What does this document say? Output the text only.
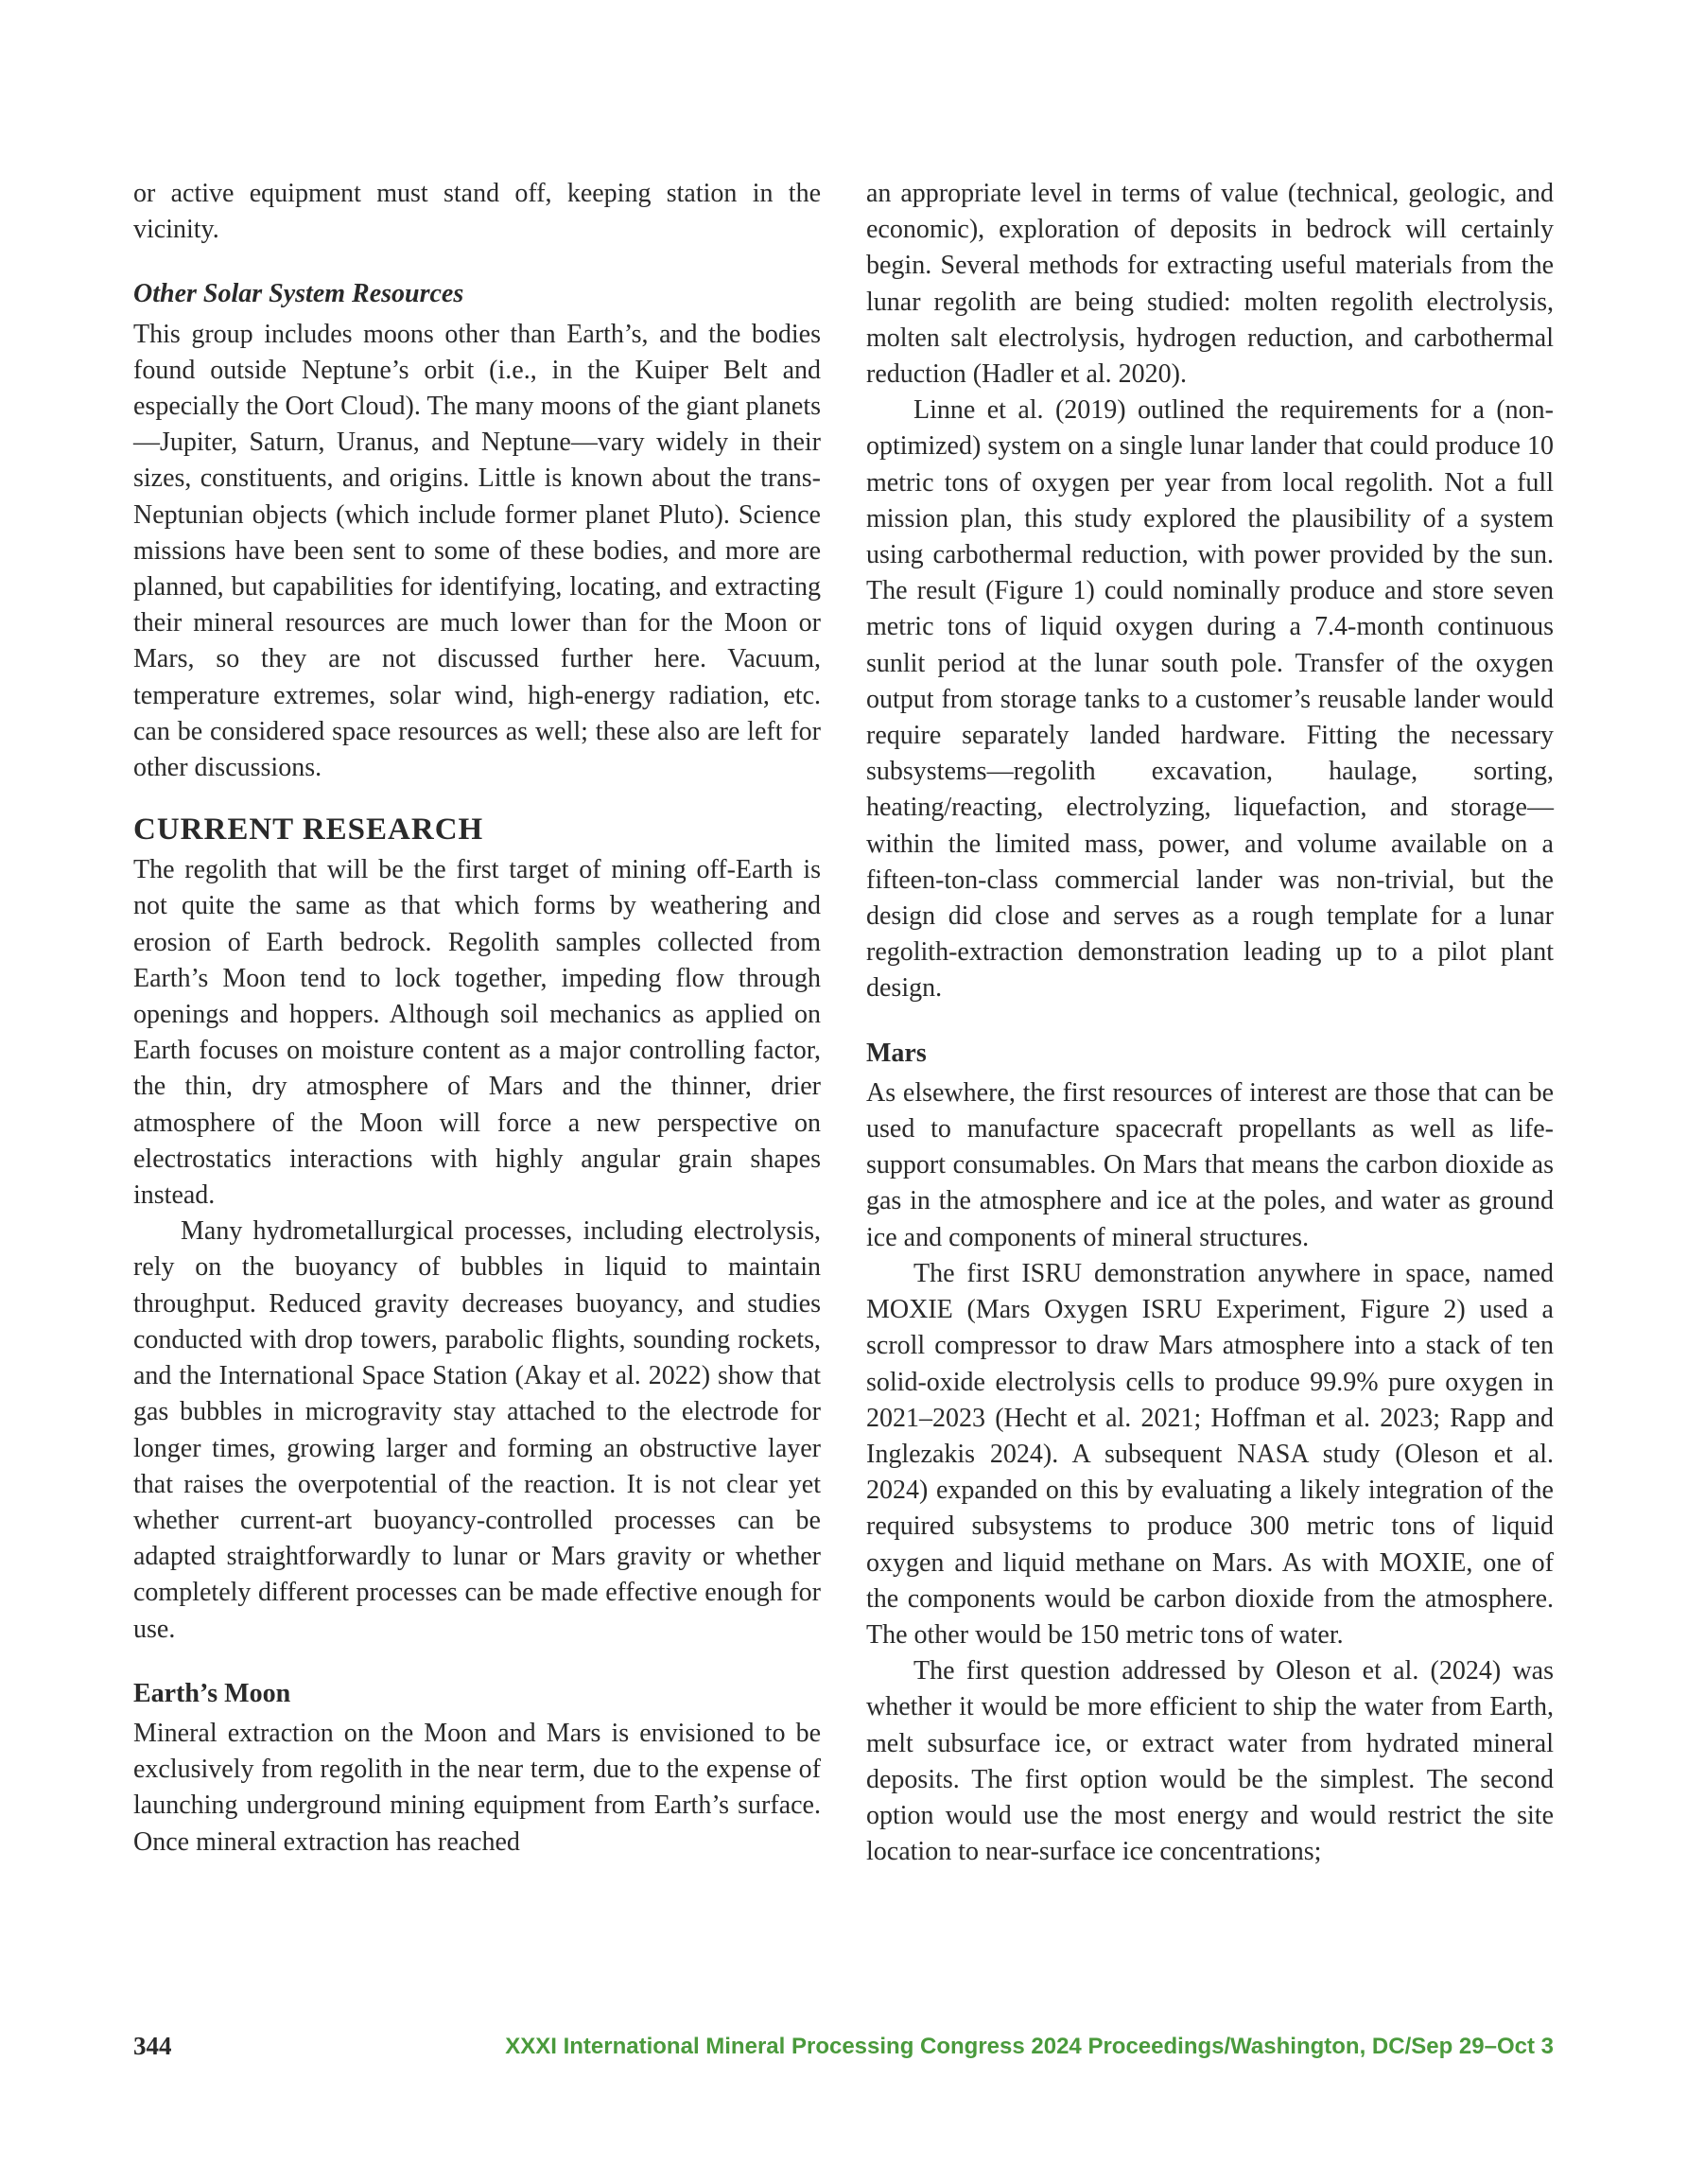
or active equipment must stand off, keeping station in the vicinity.

Other Solar System Resources

This group includes moons other than Earth’s, and the bodies found outside Neptune’s orbit (i.e., in the Kuiper Belt and especially the Oort Cloud). The many moons of the giant planets—Jupiter, Saturn, Uranus, and Neptune—vary widely in their sizes, constituents, and origins. Little is known about the trans-Neptunian objects (which include former planet Pluto). Science missions have been sent to some of these bodies, and more are planned, but capabilities for identifying, locating, and extracting their mineral resources are much lower than for the Moon or Mars, so they are not discussed further here. Vacuum, temperature extremes, solar wind, high-energy radiation, etc. can be considered space resources as well; these also are left for other discussions.

CURRENT RESEARCH

The regolith that will be the first target of mining off-Earth is not quite the same as that which forms by weathering and erosion of Earth bedrock. Regolith samples collected from Earth’s Moon tend to lock together, impeding flow through openings and hoppers. Although soil mechanics as applied on Earth focuses on moisture content as a major controlling factor, the thin, dry atmosphere of Mars and the thinner, drier atmosphere of the Moon will force a new perspective on electrostatics interactions with highly angular grain shapes instead.

Many hydrometallurgical processes, including electrolysis, rely on the buoyancy of bubbles in liquid to maintain throughput. Reduced gravity decreases buoyancy, and studies conducted with drop towers, parabolic flights, sounding rockets, and the International Space Station (Akay et al. 2022) show that gas bubbles in microgravity stay attached to the electrode for longer times, growing larger and forming an obstructive layer that raises the overpotential of the reaction. It is not clear yet whether current-art buoyancy-controlled processes can be adapted straightforwardly to lunar or Mars gravity or whether completely different processes can be made effective enough for use.

Earth’s Moon

Mineral extraction on the Moon and Mars is envisioned to be exclusively from regolith in the near term, due to the expense of launching underground mining equipment from Earth’s surface. Once mineral extraction has reached

an appropriate level in terms of value (technical, geologic, and economic), exploration of deposits in bedrock will certainly begin. Several methods for extracting useful materials from the lunar regolith are being studied: molten regolith electrolysis, molten salt electrolysis, hydrogen reduction, and carbothermal reduction (Hadler et al. 2020).

Linne et al. (2019) outlined the requirements for a (non-optimized) system on a single lunar lander that could produce 10 metric tons of oxygen per year from local regolith. Not a full mission plan, this study explored the plausibility of a system using carbothermal reduction, with power provided by the sun. The result (Figure 1) could nominally produce and store seven metric tons of liquid oxygen during a 7.4-month continuous sunlit period at the lunar south pole. Transfer of the oxygen output from storage tanks to a customer’s reusable lander would require separately landed hardware. Fitting the necessary subsystems—regolith excavation, haulage, sorting, heating/reacting, electrolyzing, liquefaction, and storage—within the limited mass, power, and volume available on a fifteen-ton-class commercial lander was non-trivial, but the design did close and serves as a rough template for a lunar regolith-extraction demonstration leading up to a pilot plant design.

Mars

As elsewhere, the first resources of interest are those that can be used to manufacture spacecraft propellants as well as life-support consumables. On Mars that means the carbon dioxide as gas in the atmosphere and ice at the poles, and water as ground ice and components of mineral structures.

The first ISRU demonstration anywhere in space, named MOXIE (Mars Oxygen ISRU Experiment, Figure 2) used a scroll compressor to draw Mars atmosphere into a stack of ten solid-oxide electrolysis cells to produce 99.9% pure oxygen in 2021–2023 (Hecht et al. 2021; Hoffman et al. 2023; Rapp and Inglezakis 2024). A subsequent NASA study (Oleson et al. 2024) expanded on this by evaluating a likely integration of the required subsystems to produce 300 metric tons of liquid oxygen and liquid methane on Mars. As with MOXIE, one of the components would be carbon dioxide from the atmosphere. The other would be 150 metric tons of water.

The first question addressed by Oleson et al. (2024) was whether it would be more efficient to ship the water from Earth, melt subsurface ice, or extract water from hydrated mineral deposits. The first option would be the simplest. The second option would use the most energy and would restrict the site location to near-surface ice concentrations;

344	XXXI International Mineral Processing Congress 2024 Proceedings/Washington, DC/Sep 29–Oct 3
